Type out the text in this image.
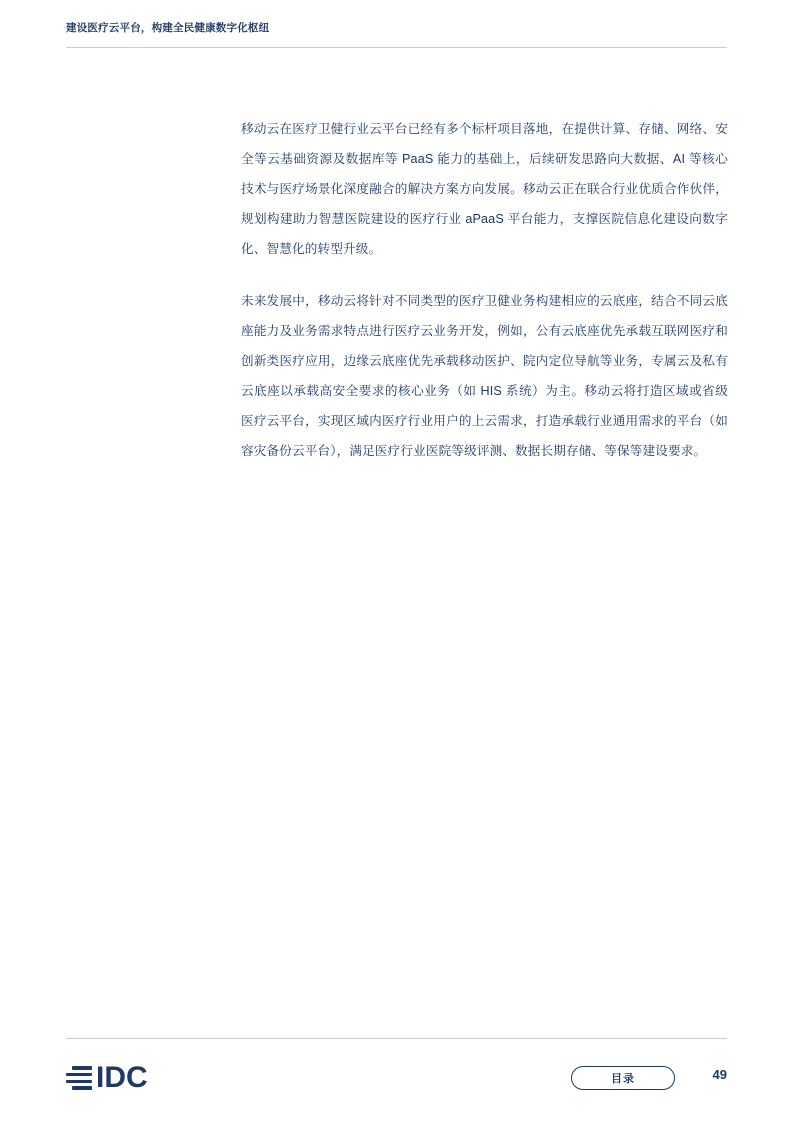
建设医疗云平台，构建全民健康数字化枢纽

移动云在医疗卫健行业云平台已经有多个标杆项目落地，在提供计算、存储、网络、安全等云基础资源及数据库等 PaaS 能力的基础上，后续研发思路向大数据、AI 等核心技术与医疗场景化深度融合的解决方案方向发展。移动云正在联合行业优质合作伙伴，规划构建助力智慧医院建设的医疗行业 aPaaS 平台能力，支撑医院信息化建设向数字化、智慧化的转型升级。

未来发展中，移动云将针对不同类型的医疗卫健业务构建相应的云底座，结合不同云底座能力及业务需求特点进行医疗云业务开发，例如，公有云底座优先承载互联网医疗和创新类医疗应用，边缘云底座优先承载移动医护、院内定位导航等业务，专属云及私有云底座以承载高安全要求的核心业务（如 HIS 系统）为主。移动云将打造区域或省级医疗云平台，实现区域内医疗行业用户的上云需求，打造承载行业通用需求的平台（如容灾备份云平台），满足医疗行业医院等级评测、数据长期存储、等保等建设要求。

IDC	目录	49
